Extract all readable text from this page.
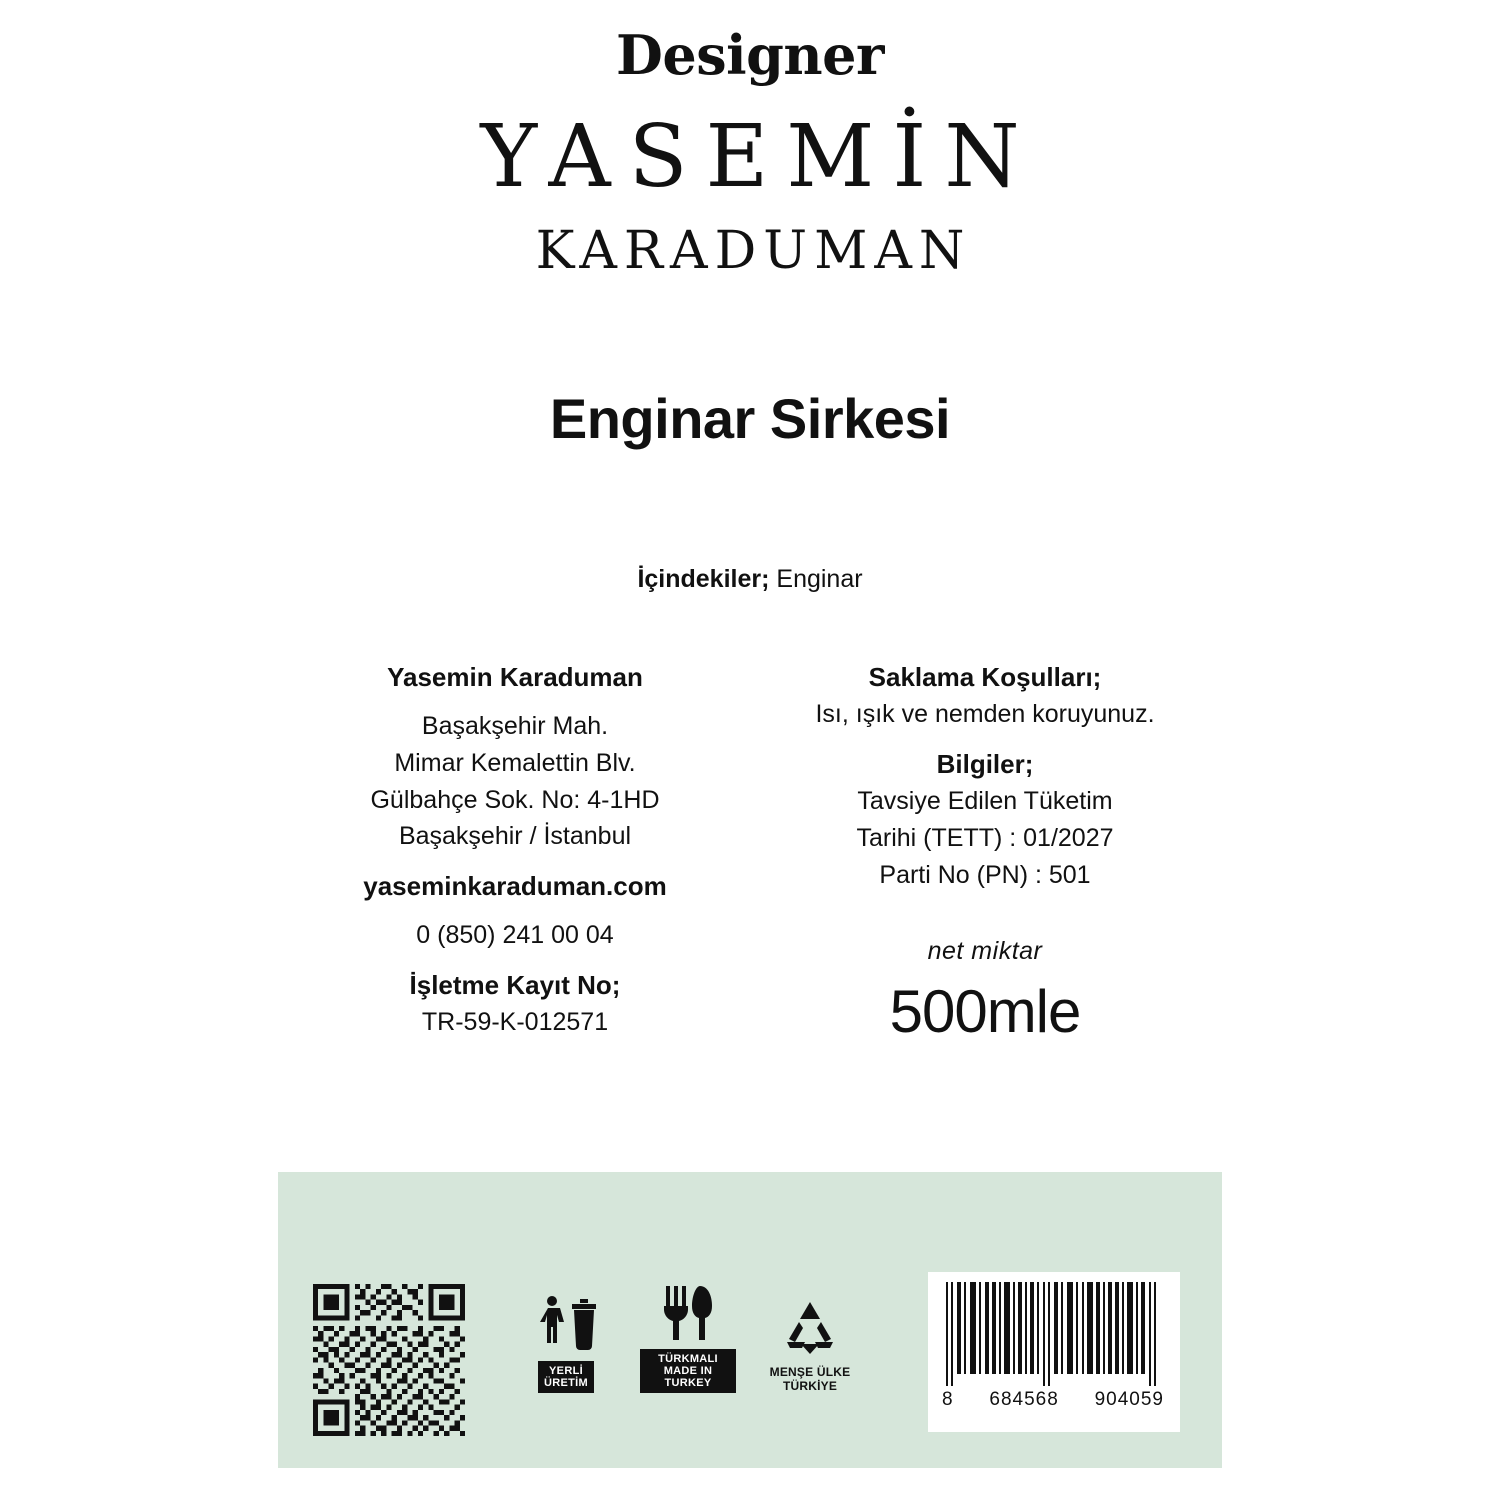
Designer
YASEMİN
KARADUMAN
Enginar Sirkesi
İçindekiler; Enginar
Yasemin Karaduman
Başakşehir Mah.
Mimar Kemalettin Blv.
Gülbahçe Sok. No: 4-1HD
Başakşehir / İstanbul
yaseminkaraduman.com
0 (850) 241 00 04
İşletme Kayıt No;
TR-59-K-012571
Saklama Koşulları;
Isı, ışık ve nemden koruyunuz.
Bilgiler;
Tavsiye Edilen Tüketim
Tarihi (TETT) : 01/2027
Parti No (PN) : 501
net miktar
500mle
YERLİ
ÜRETİM
TÜRKMALI
MADE IN TURKEY
MENŞE ÜLKE
TÜRKİYE
8 684568 904059
